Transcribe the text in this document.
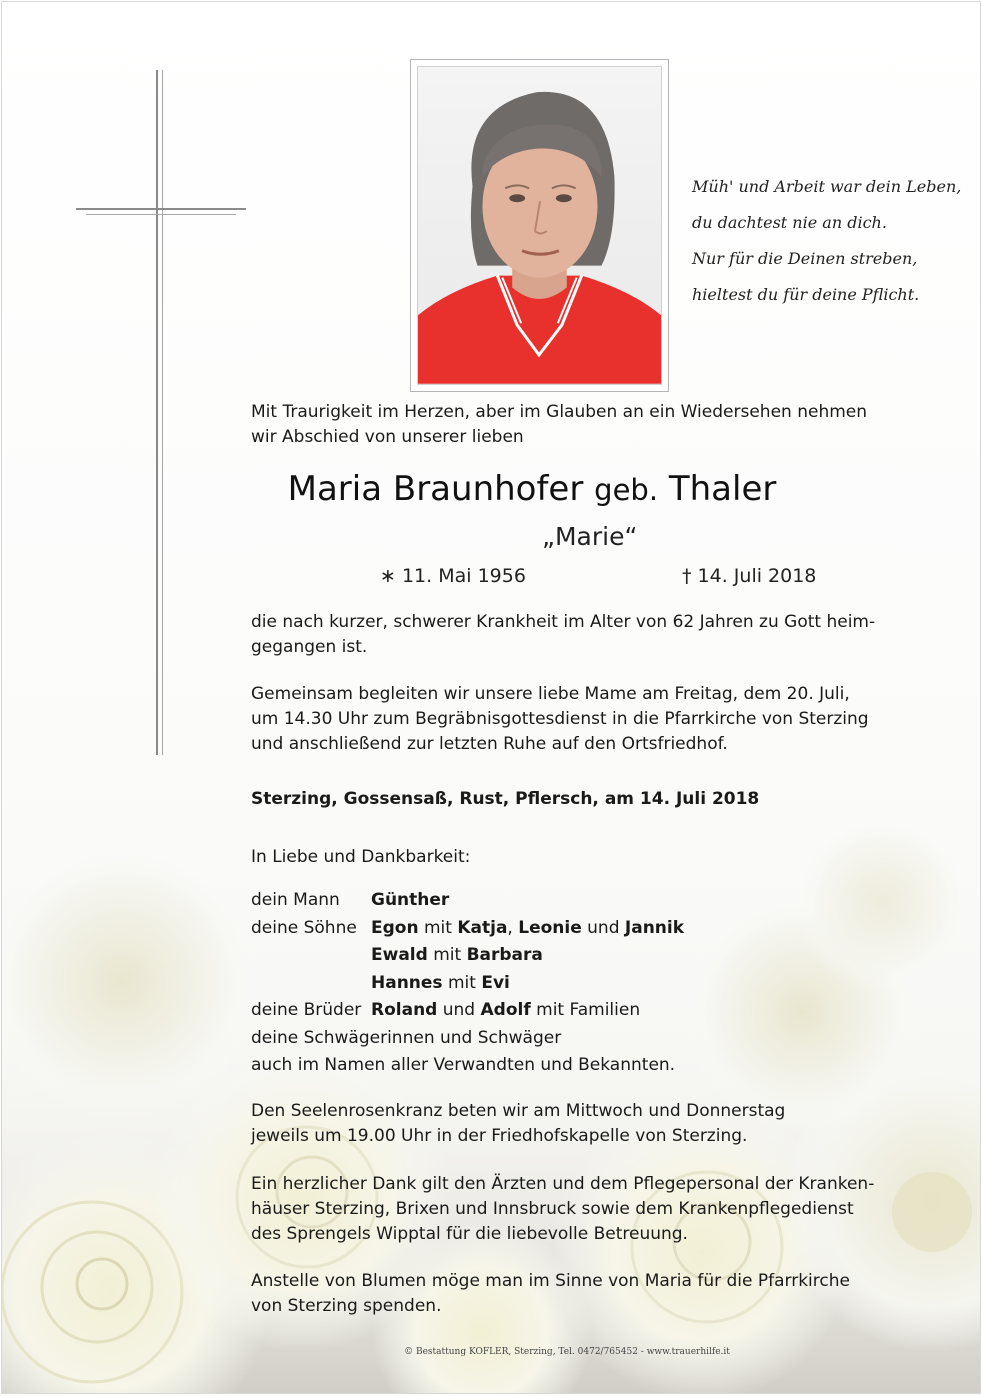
Müh' und Arbeit war dein Leben,
du dachtest nie an dich.
Nur für die Deinen streben,
hieltest du für deine Pflicht.
Mit Traurigkeit im Herzen, aber im Glauben an ein Wiedersehen nehmen
wir Abschied von unserer lieben
Maria Braunhofer geb. Thaler
„Marie“
∗ 11. Mai 1956	† 14. Juli 2018
die nach kurzer, schwerer Krankheit im Alter von 62 Jahren zu Gott heim-
gegangen ist.
Gemeinsam begleiten wir unsere liebe Mame am Freitag, dem 20. Juli,
um 14.30 Uhr zum Begräbnisgottesdienst in die Pfarrkirche von Sterzing
und anschließend zur letzten Ruhe auf den Ortsfriedhof.
Sterzing, Gossensaß, Rust, Pflersch, am 14. Juli 2018
In Liebe und Dankbarkeit:
dein Mann Günther
deine Söhne Egon mit Katja, Leonie und Jannik
Ewald mit Barbara
Hannes mit Evi
deine Brüder Roland und Adolf mit Familien
deine Schwägerinnen und Schwäger
auch im Namen aller Verwandten und Bekannten.
Den Seelenrosenkranz beten wir am Mittwoch und Donnerstag
jeweils um 19.00 Uhr in der Friedhofskapelle von Sterzing.
Ein herzlicher Dank gilt den Ärzten und dem Pflegepersonal der Kranken-
häuser Sterzing, Brixen und Innsbruck sowie dem Krankenpflegedienst
des Sprengels Wipptal für die liebevolle Betreuung.
Anstelle von Blumen möge man im Sinne von Maria für die Pfarrkirche
von Sterzing spenden.
© Bestattung KOFLER, Sterzing, Tel. 0472/765452 - www.trauerhilfe.it
